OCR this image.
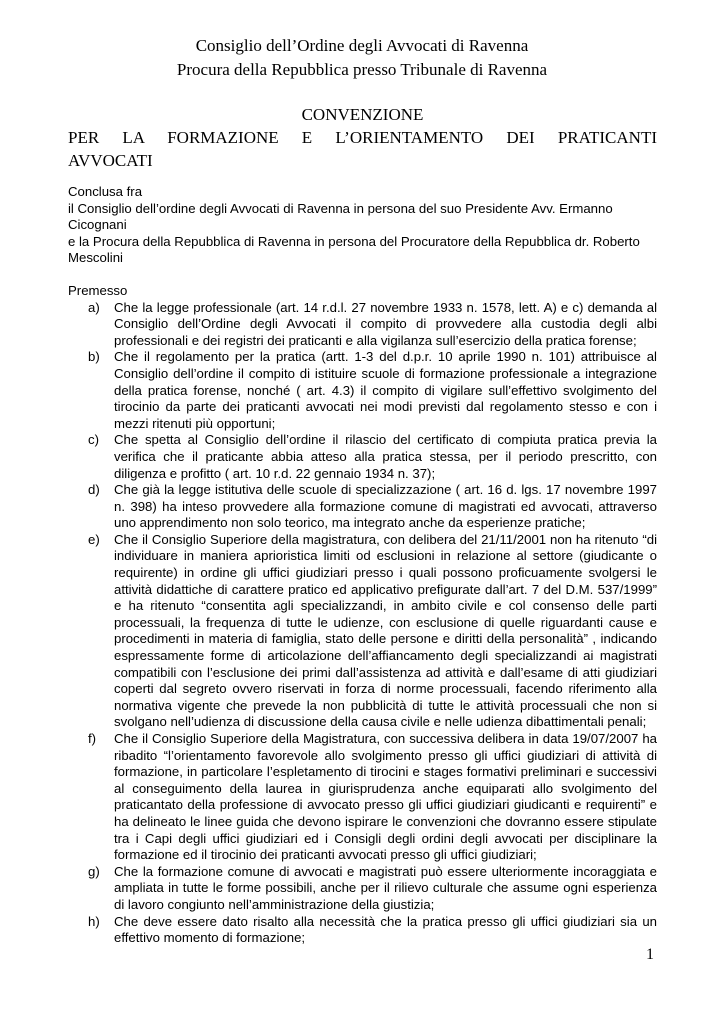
Consiglio dell’Ordine degli Avvocati di Ravenna
Procura della Repubblica presso Tribunale di Ravenna
CONVENZIONE
PER LA FORMAZIONE E L’ORIENTAMENTO DEI PRATICANTI
AVVOCATI

Conclusa fra

il Consiglio dell’ordine degli Avvocati di Ravenna in persona del suo Presidente Avv. Ermanno Cicognani

e la Procura della Repubblica di Ravenna in persona del Procuratore della Repubblica dr. Roberto Mescolini

Premesso

a) Che la legge professionale (art. 14 r.d.l. 27 novembre 1933 n. 1578, lett. A) e c) demanda al Consiglio dell’Ordine degli Avvocati il compito di provvedere alla custodia degli albi professionali e dei registri dei praticanti e alla vigilanza sull’esercizio della pratica forense;
b) Che il regolamento per la pratica (artt. 1-3 del d.p.r. 10 aprile 1990 n. 101) attribuisce al Consiglio dell’ordine il compito di istituire scuole di formazione professionale a integrazione della pratica forense, nonché ( art. 4.3) il compito di vigilare sull’effettivo svolgimento del tirocinio da parte dei praticanti avvocati nei modi previsti dal regolamento stesso e con i mezzi ritenuti più opportuni;
c) Che spetta al Consiglio dell’ordine il rilascio del certificato di compiuta pratica previa la verifica che il praticante abbia atteso alla pratica stessa, per il periodo prescritto, con diligenza e profitto ( art. 10 r.d. 22 gennaio 1934 n. 37);
d) Che già la legge istitutiva delle scuole di specializzazione ( art. 16 d. lgs. 17 novembre 1997 n. 398) ha inteso provvedere alla formazione comune di magistrati ed avvocati, attraverso uno apprendimento non solo teorico, ma integrato anche da esperienze pratiche;
e) Che il Consiglio Superiore della magistratura, con delibera del 21/11/2001 non ha ritenuto “di individuare in maniera aprioristica limiti od esclusioni in relazione al settore (giudicante o requirente) in ordine gli uffici giudiziari presso i quali possono proficuamente svolgersi le attività didattiche di carattere pratico ed applicativo prefigurate dall’art. 7 del D.M. 537/1999” e ha ritenuto “consentita agli specializzandi, in ambito civile e col consenso delle parti processuali, la frequenza di tutte le udienze, con esclusione di quelle riguardanti cause e procedimenti in materia di famiglia, stato delle persone e diritti della personalità” , indicando espressamente forme di articolazione dell’affiancamento degli specializzandi ai magistrati compatibili con l’esclusione dei primi dall’assistenza ad attività e dall’esame di atti giudiziari coperti dal segreto ovvero riservati in forza di norme processuali, facendo riferimento alla normativa vigente che prevede la non pubblicità di tutte le attività processuali che non si svolgano nell’udienza di discussione della causa civile e nelle udienza dibattimentali penali;
f) Che il Consiglio Superiore della Magistratura, con successiva delibera in data 19/07/2007 ha ribadito “l’orientamento favorevole allo svolgimento presso gli uffici giudiziari di attività di formazione, in particolare l’espletamento di tirocini e stages formativi preliminari e successivi al conseguimento della laurea in giurisprudenza anche equiparati allo svolgimento del praticantato della professione di avvocato presso gli uffici giudiziari giudicanti e requirenti” e ha delineato le linee guida che devono ispirare le convenzioni che dovranno essere stipulate tra i Capi degli uffici giudiziari ed i Consigli degli ordini degli avvocati per disciplinare la formazione ed il tirocinio dei praticanti avvocati presso gli uffici giudiziari;
g) Che la formazione comune di avvocati e magistrati può essere ulteriormente incoraggiata e ampliata in tutte le forme possibili, anche per il rilievo culturale che assume ogni esperienza di lavoro congiunto nell’amministrazione della giustizia;
h) Che deve essere dato risalto alla necessità che la pratica presso gli uffici giudiziari sia un effettivo momento di formazione;
1
